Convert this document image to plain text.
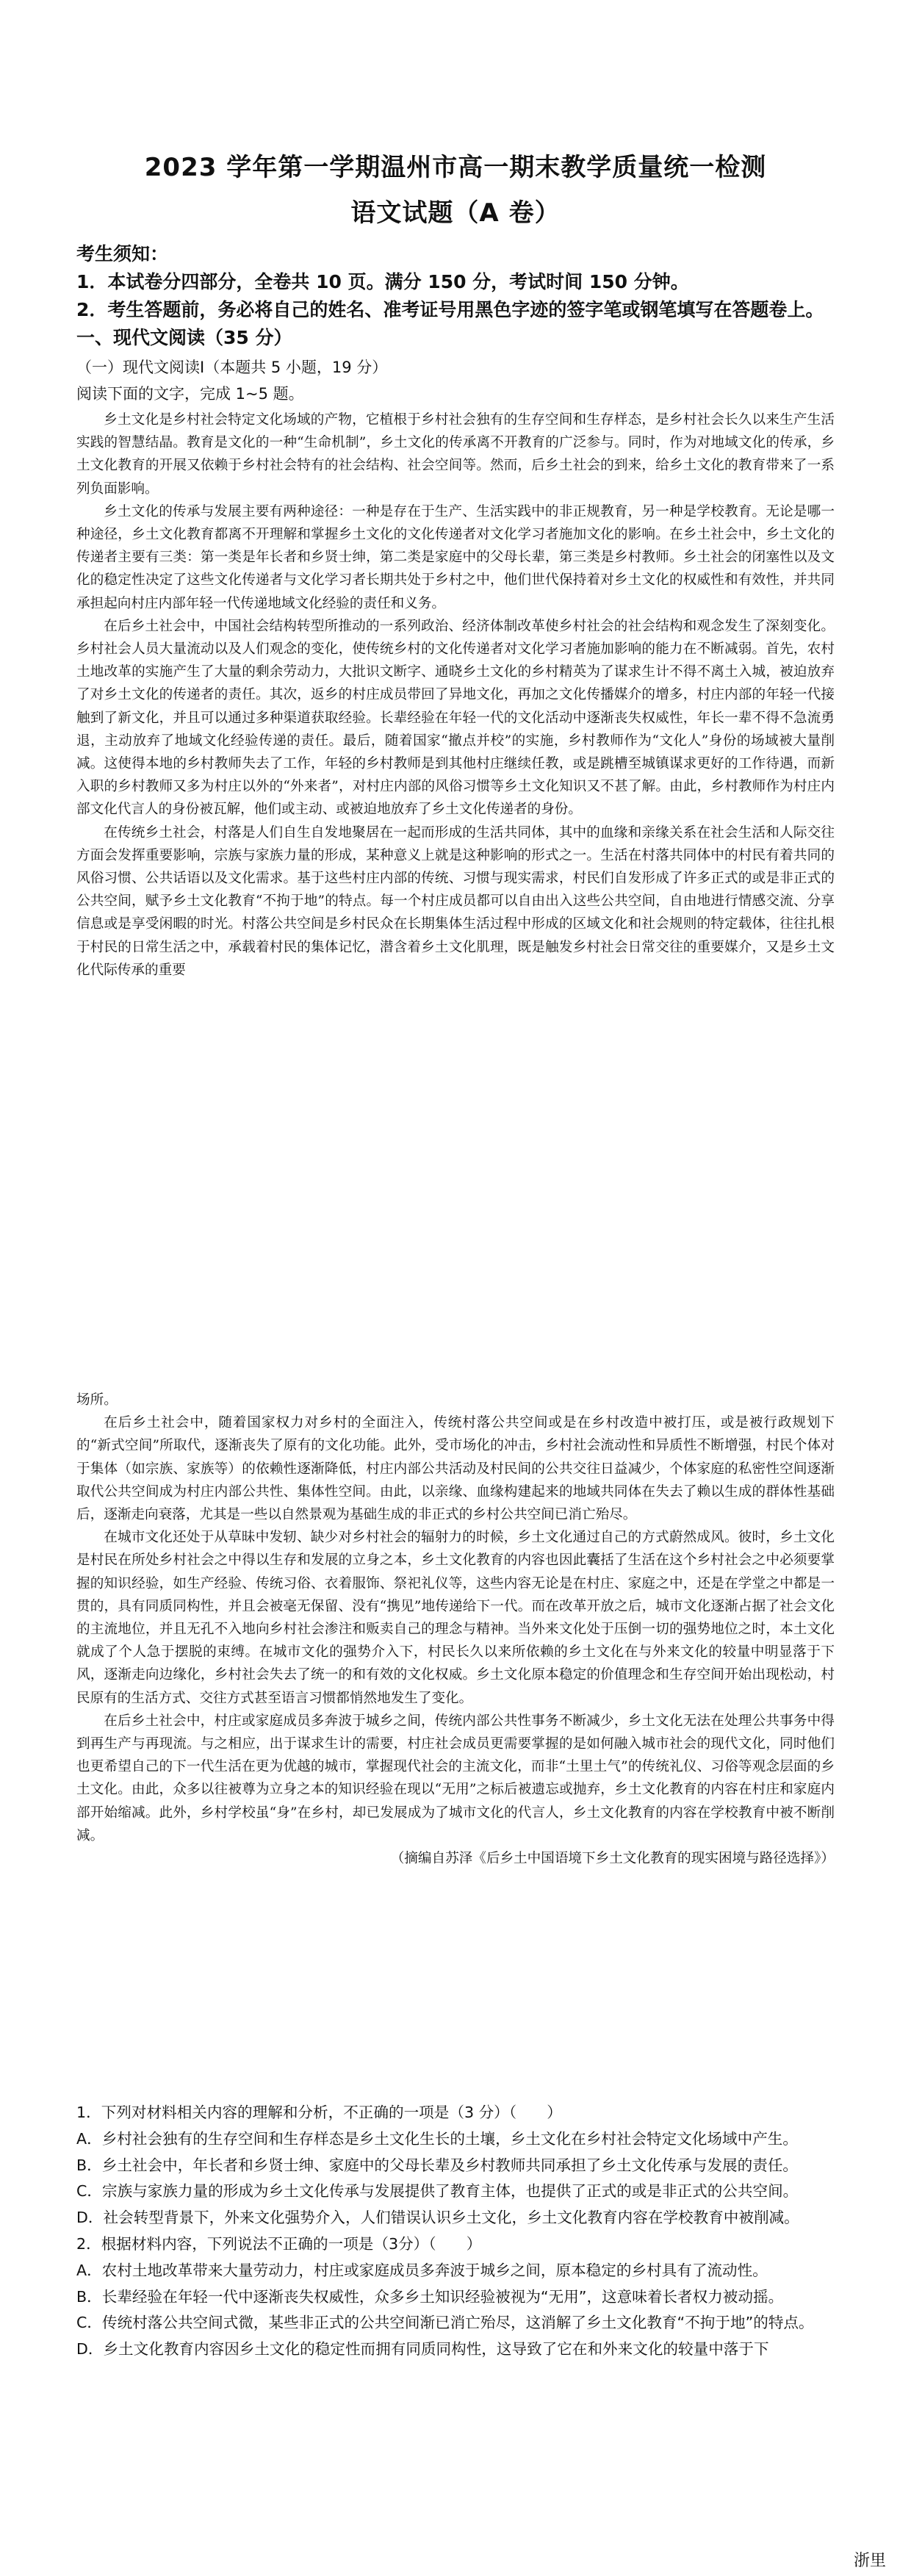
2023 学年第一学期温州市高一期末教学质量统一检测
语文试题（A 卷）
考生须知：
1．本试卷分四部分，全卷共 10 页。满分 150 分，考试时间 150 分钟。
2．考生答题前，务必将自己的姓名、准考证号用黑色字迹的签字笔或钢笔填写在答题卷上。
一、现代文阅读（35 分）
（一）现代文阅读Ⅰ（本题共 5 小题，19 分）
阅读下面的文字，完成 1~5 题。

乡土文化是乡村社会特定文化场域的产物，它植根于乡村社会独有的生存空间和生存样态，是乡村社会长久以来生产生活实践的智慧结晶。教育是文化的一种“生命机制”，乡土文化的传承离不开教育的广泛参与。同时，作为对地域文化的传承，乡土文化教育的开展又依赖于乡村社会特有的社会结构、社会空间等。然而，后乡土社会的到来，给乡土文化的教育带来了一系列负面影响。

乡土文化的传承与发展主要有两种途径：一种是存在于生产、生活实践中的非正规教育，另一种是学校教育。无论是哪一种途径，乡土文化教育都离不开理解和掌握乡土文化的文化传递者对文化学习者施加文化的影响。在乡土社会中，乡土文化的传递者主要有三类：第一类是年长者和乡贤士绅，第二类是家庭中的父母长辈，第三类是乡村教师。乡土社会的闭塞性以及文化的稳定性决定了这些文化传递者与文化学习者长期共处于乡村之中，他们世代保持着对乡土文化的权威性和有效性，并共同承担起向村庄内部年轻一代传递地域文化经验的责任和义务。

在后乡土社会中，中国社会结构转型所推动的一系列政治、经济体制改革使乡村社会的社会结构和观念发生了深刻变化。乡村社会人员大量流动以及人们观念的变化，使传统乡村的文化传递者对文化学习者施加影响的能力在不断减弱。首先，农村土地改革的实施产生了大量的剩余劳动力，大批识文断字、通晓乡土文化的乡村精英为了谋求生计不得不离土入城，被迫放弃了对乡土文化的传递者的责任。其次，返乡的村庄成员带回了异地文化，再加之文化传播媒介的增多，村庄内部的年轻一代接触到了新文化，并且可以通过多种渠道获取经验。长辈经验在年轻一代的文化活动中逐渐丧失权威性，年长一辈不得不急流勇退，主动放弃了地域文化经验传递的责任。最后，随着国家“撤点并校”的实施，乡村教师作为“文化人”身份的场域被大量削减。这使得本地的乡村教师失去了工作，年轻的乡村教师是到其他村庄继续任教，或是跳槽至城镇谋求更好的工作待遇，而新入职的乡村教师又多为村庄以外的“外来者”，对村庄内部的风俗习惯等乡土文化知识又不甚了解。由此，乡村教师作为村庄内部文化代言人的身份被瓦解，他们或主动、或被迫地放弃了乡土文化传递者的身份。

在传统乡土社会，村落是人们自生自发地聚居在一起而形成的生活共同体，其中的血缘和亲缘关系在社会生活和人际交往方面会发挥重要影响，宗族与家族力量的形成，某种意义上就是这种影响的形式之一。生活在村落共同体中的村民有着共同的风俗习惯、公共话语以及文化需求。基于这些村庄内部的传统、习惯与现实需求，村民们自发形成了许多正式的或是非正式的公共空间，赋予乡土文化教育“不拘于地”的特点。每一个村庄成员都可以自由出入这些公共空间，自由地进行情感交流、分享信息或是享受闲暇的时光。村落公共空间是乡村民众在长期集体生活过程中形成的区域文化和社会规则的特定载体，往往扎根于村民的日常生活之中，承载着村民的集体记忆，潜含着乡土文化肌理，既是触发乡村社会日常交往的重要媒介，又是乡土文化代际传承的重要

场所。

在后乡土社会中，随着国家权力对乡村的全面注入，传统村落公共空间或是在乡村改造中被打压，或是被行政规划下的“新式空间”所取代，逐渐丧失了原有的文化功能。此外，受市场化的冲击，乡村社会流动性和异质性不断增强，村民个体对于集体（如宗族、家族等）的依赖性逐渐降低，村庄内部公共活动及村民间的公共交往日益减少，个体家庭的私密性空间逐渐取代公共空间成为村庄内部公共性、集体性空间。由此，以亲缘、血缘构建起来的地域共同体在失去了赖以生成的群体性基础后，逐渐走向衰落，尤其是一些以自然景观为基础生成的非正式的乡村公共空间已消亡殆尽。

在城市文化还处于从草昧中发轫、缺少对乡村社会的辐射力的时候，乡土文化通过自己的方式蔚然成风。彼时，乡土文化是村民在所处乡村社会之中得以生存和发展的立身之本，乡土文化教育的内容也因此囊括了生活在这个乡村社会之中必须要掌握的知识经验，如生产经验、传统习俗、衣着服饰、祭祀礼仪等，这些内容无论是在村庄、家庭之中，还是在学堂之中都是一贯的，具有同质同构性，并且会被毫无保留、没有“携见”地传递给下一代。而在改革开放之后，城市文化逐渐占据了社会文化的主流地位，并且无孔不入地向乡村社会渗注和贩卖自己的理念与精神。当外来文化处于压倒一切的强势地位之时，本土文化就成了个人急于摆脱的束缚。在城市文化的强势介入下，村民长久以来所依赖的乡土文化在与外来文化的较量中明显落于下风，逐渐走向边缘化，乡村社会失去了统一的和有效的文化权威。乡土文化原本稳定的价值理念和生存空间开始出现松动，村民原有的生活方式、交往方式甚至语言习惯都悄然地发生了变化。

在后乡土社会中，村庄或家庭成员多奔波于城乡之间，传统内部公共性事务不断减少，乡土文化无法在处理公共事务中得到再生产与再现流。与之相应，出于谋求生计的需要，村庄社会成员更需要掌握的是如何融入城市社会的现代文化，同时他们也更希望自己的下一代生活在更为优越的城市，掌握现代社会的主流文化，而非“土里土气”的传统礼仪、习俗等观念层面的乡土文化。由此，众多以往被尊为立身之本的知识经验在现以“无用”之标后被遗忘或抛弃，乡土文化教育的内容在村庄和家庭内部开始缩减。此外，乡村学校虽“身”在乡村，却已发展成为了城市文化的代言人，乡土文化教育的内容在学校教育中被不断削减。

（摘编自苏泽《后乡土中国语境下乡土文化教育的现实困境与路径选择》）

1．下列对材料相关内容的理解和分析，不正确的一项是（3 分）（　　）

A．乡村社会独有的生存空间和生存样态是乡土文化生长的土壤，乡土文化在乡村社会特定文化场域中产生。

B．乡土社会中，年长者和乡贤士绅、家庭中的父母长辈及乡村教师共同承担了乡土文化传承与发展的责任。

C．宗族与家族力量的形成为乡土文化传承与发展提供了教育主体，也提供了正式的或是非正式的公共空间。

D．社会转型背景下，外来文化强势介入，人们错误认识乡土文化，乡土文化教育内容在学校教育中被削减。

2．根据材料内容，下列说法不正确的一项是（3分）（　　）

A．农村土地改革带来大量劳动力，村庄或家庭成员多奔波于城乡之间，原本稳定的乡村具有了流动性。

B．长辈经验在年轻一代中逐渐丧失权威性，众多乡土知识经验被视为“无用”，这意味着长者权力被动摇。

C．传统村落公共空间式微，某些非正式的公共空间渐已消亡殆尽，这消解了乡土文化教育“不拘于地”的特点。

D．乡土文化教育内容因乡土文化的稳定性而拥有同质同构性，这导致了它在和外来文化的较量中落于下

浙里
